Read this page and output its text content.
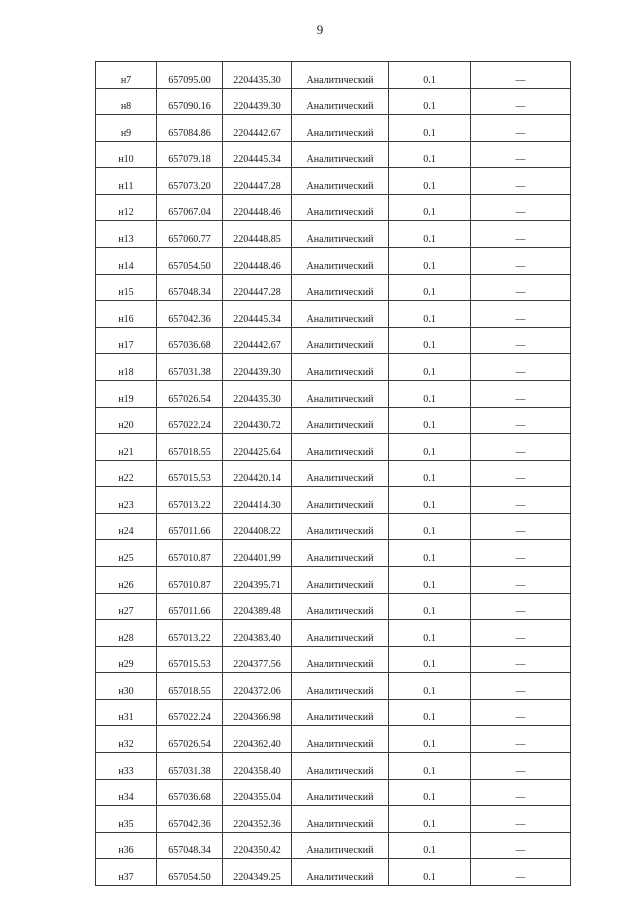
9
н7	657095.00	2204435.30	Аналитический	0.1	—
н8	657090.16	2204439.30	Аналитический	0.1	—
н9	657084.86	2204442.67	Аналитический	0.1	—
н10	657079.18	2204445.34	Аналитический	0.1	—
н11	657073.20	2204447.28	Аналитический	0.1	—
н12	657067.04	2204448.46	Аналитический	0.1	—
н13	657060.77	2204448.85	Аналитический	0.1	—
н14	657054.50	2204448.46	Аналитический	0.1	—
н15	657048.34	2204447.28	Аналитический	0.1	—
н16	657042.36	2204445.34	Аналитический	0.1	—
н17	657036.68	2204442.67	Аналитический	0.1	—
н18	657031.38	2204439.30	Аналитический	0.1	—
н19	657026.54	2204435.30	Аналитический	0.1	—
н20	657022.24	2204430.72	Аналитический	0.1	—
н21	657018.55	2204425.64	Аналитический	0.1	—
н22	657015.53	2204420.14	Аналитический	0.1	—
н23	657013.22	2204414.30	Аналитический	0.1	—
н24	657011.66	2204408.22	Аналитический	0.1	—
н25	657010.87	2204401.99	Аналитический	0.1	—
н26	657010.87	2204395.71	Аналитический	0.1	—
н27	657011.66	2204389.48	Аналитический	0.1	—
н28	657013.22	2204383.40	Аналитический	0.1	—
н29	657015.53	2204377.56	Аналитический	0.1	—
н30	657018.55	2204372.06	Аналитический	0.1	—
н31	657022.24	2204366.98	Аналитический	0.1	—
н32	657026.54	2204362.40	Аналитический	0.1	—
н33	657031.38	2204358.40	Аналитический	0.1	—
н34	657036.68	2204355.04	Аналитический	0.1	—
н35	657042.36	2204352.36	Аналитический	0.1	—
н36	657048.34	2204350.42	Аналитический	0.1	—
н37	657054.50	2204349.25	Аналитический	0.1	—
